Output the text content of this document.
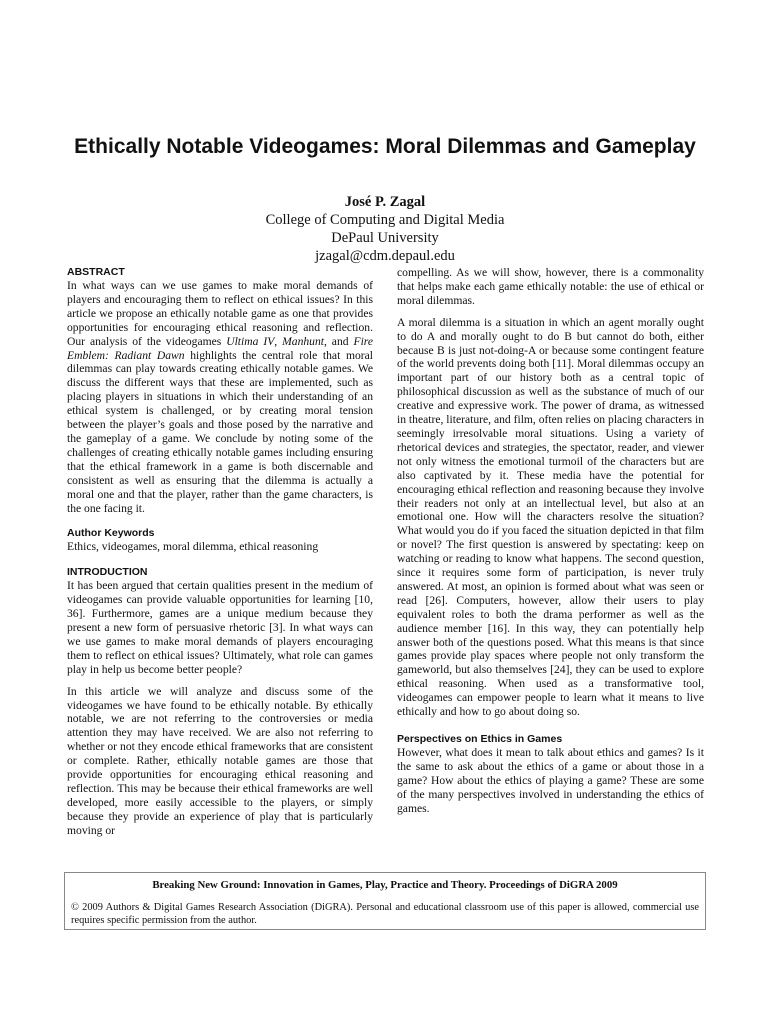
Ethically Notable Videogames: Moral Dilemmas and Gameplay
José P. Zagal
College of Computing and Digital Media
DePaul University
jzagal@cdm.depaul.edu
ABSTRACT

In what ways can we use games to make moral demands of players and encouraging them to reflect on ethical issues? In this article we propose an ethically notable game as one that provides opportunities for encouraging ethical reasoning and reflection. Our analysis of the videogames Ultima IV, Manhunt, and Fire Emblem: Radiant Dawn highlights the central role that moral dilemmas can play towards creating ethically notable games. We discuss the different ways that these are implemented, such as placing players in situations in which their understanding of an ethical system is challenged, or by creating moral tension between the player’s goals and those posed by the narrative and the gameplay of a game. We conclude by noting some of the challenges of creating ethically notable games including ensuring that the ethical framework in a game is both discernable and consistent as well as ensuring that the dilemma is actually a moral one and that the player, rather than the game characters, is the one facing it.

Author Keywords

Ethics, videogames, moral dilemma, ethical reasoning

INTRODUCTION

It has been argued that certain qualities present in the medium of videogames can provide valuable opportunities for learning [10, 36]. Furthermore, games are a unique medium because they present a new form of persuasive rhetoric [3]. In what ways can we use games to make moral demands of players encouraging them to reflect on ethical issues? Ultimately, what role can games play in help us become better people?

In this article we will analyze and discuss some of the videogames we have found to be ethically notable. By ethically notable, we are not referring to the controversies or media attention they may have received. We are also not referring to whether or not they encode ethical frameworks that are consistent or complete. Rather, ethically notable games are those that provide opportunities for encouraging ethical reasoning and reflection. This may be because their ethical frameworks are well developed, more easily accessible to the players, or simply because they provide an experience of play that is particularly moving or

compelling. As we will show, however, there is a commonality that helps make each game ethically notable: the use of ethical or moral dilemmas.

A moral dilemma is a situation in which an agent morally ought to do A and morally ought to do B but cannot do both, either because B is just not-doing-A or because some contingent feature of the world prevents doing both [11]. Moral dilemmas occupy an important part of our history both as a central topic of philosophical discussion as well as the substance of much of our creative and expressive work. The power of drama, as witnessed in theatre, literature, and film, often relies on placing characters in seemingly irresolvable moral situations. Using a variety of rhetorical devices and strategies, the spectator, reader, and viewer not only witness the emotional turmoil of the characters but are also captivated by it. These media have the potential for encouraging ethical reflection and reasoning because they involve their readers not only at an intellectual level, but also at an emotional one. How will the characters resolve the situation? What would you do if you faced the situation depicted in that film or novel? The first question is answered by spectating: keep on watching or reading to know what happens. The second question, since it requires some form of participation, is never truly answered. At most, an opinion is formed about what was seen or read [26]. Computers, however, allow their users to play equivalent roles to both the drama performer as well as the audience member [16]. In this way, they can potentially help answer both of the questions posed. What this means is that since games provide play spaces where people not only transform the gameworld, but also themselves [24], they can be used to explore ethical reasoning. When used as a transformative tool, videogames can empower people to learn what it means to live ethically and how to go about doing so.

Perspectives on Ethics in Games

However, what does it mean to talk about ethics and games? Is it the same to ask about the ethics of a game or about those in a game? How about the ethics of playing a game? These are some of the many perspectives involved in understanding the ethics of games.

Breaking New Ground: Innovation in Games, Play, Practice and Theory. Proceedings of DiGRA 2009
© 2009 Authors & Digital Games Research Association (DiGRA). Personal and educational classroom use of this paper is allowed, commercial use requires specific permission from the author.
